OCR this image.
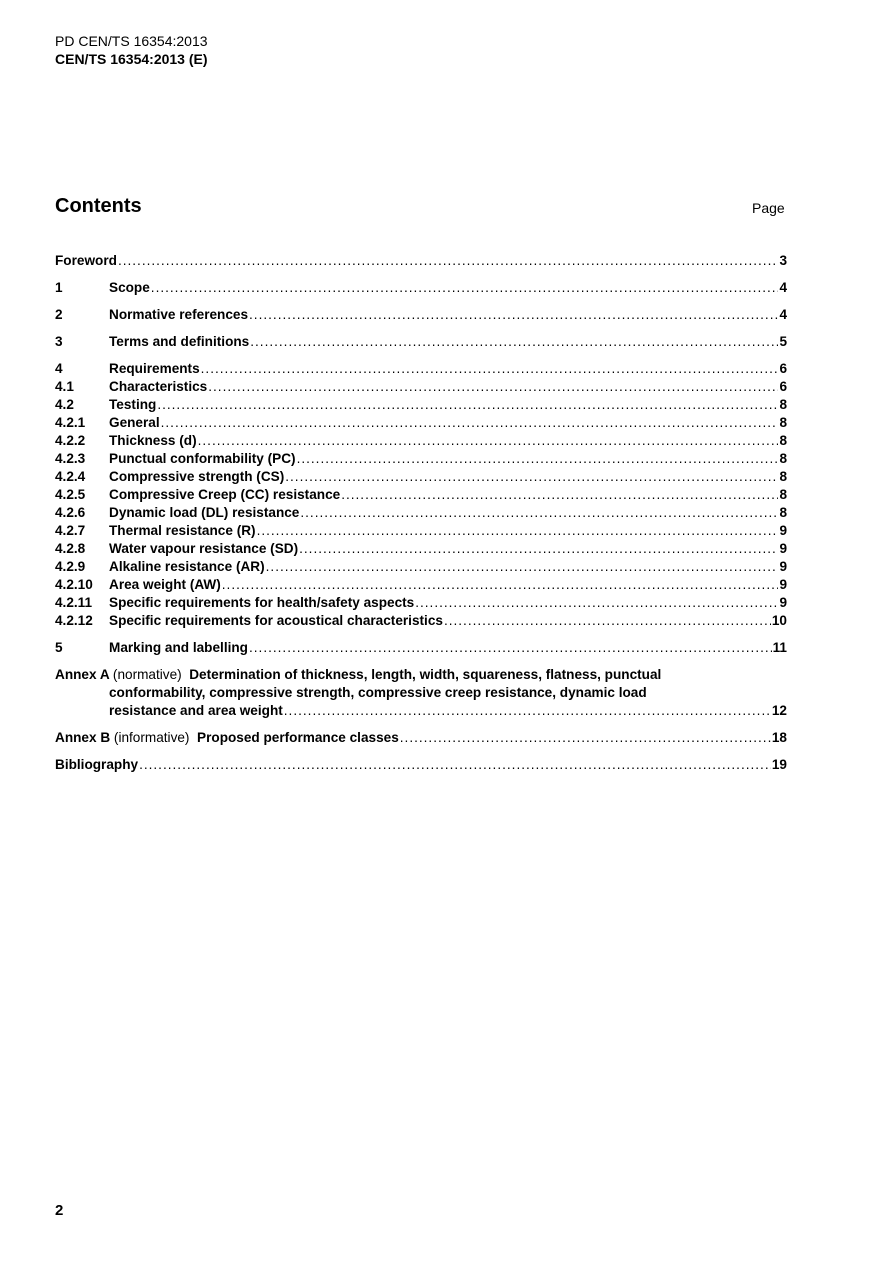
PD CEN/TS 16354:2013
CEN/TS 16354:2013 (E)
Contents	Page
Foreword .....	3
1	Scope .....	4
2	Normative references .....	4
3	Terms and definitions .....	5
4	Requirements .....	6
4.1	Characteristics .....	6
4.2	Testing .....	8
4.2.1	General .....	8
4.2.2	Thickness (d) .....	8
4.2.3	Punctual conformability (PC) .....	8
4.2.4	Compressive strength (CS) .....	8
4.2.5	Compressive Creep (CC) resistance .....	8
4.2.6	Dynamic load (DL) resistance .....	8
4.2.7	Thermal resistance (R) .....	9
4.2.8	Water vapour resistance (SD) .....	9
4.2.9	Alkaline resistance (AR) .....	9
4.2.10	Area weight (AW) .....	9
4.2.11	Specific requirements for health/safety aspects .....	9
4.2.12	Specific requirements for acoustical characteristics .....	10
5	Marking and labelling .....	11
Annex A (normative) Determination of thickness, length, width, squareness, flatness, punctual
conformability, compressive strength, compressive creep resistance, dynamic load
resistance and area weight .....	12
Annex B (informative) Proposed performance classes .....	18
Bibliography .....	19
2
